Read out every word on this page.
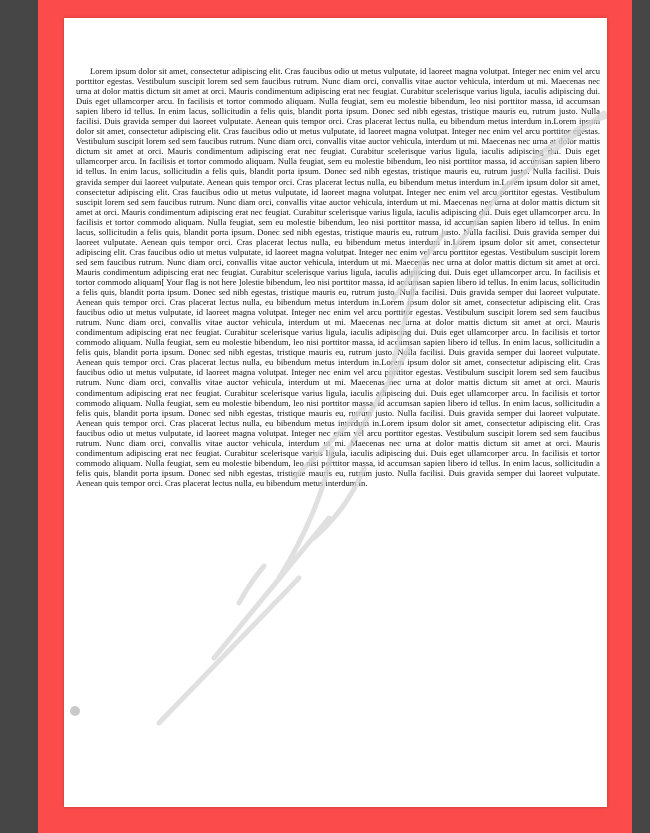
Lorem ipsum dolor sit amet, consectetur adipiscing elit. Cras faucibus odio ut metus vulputate, id laoreet magna volutpat. Integer nec enim vel arcu porttitor egestas. Vestibulum suscipit lorem sed sem faucibus rutrum. Nunc diam orci, convallis vitae auctor vehicula, interdum ut mi. Maecenas nec urna at dolor mattis dictum sit amet at orci. Mauris condimentum adipiscing erat nec feugiat. Curabitur scelerisque varius ligula, iaculis adipiscing dui. Duis eget ullamcorper arcu. In facilisis et tortor commodo aliquam. Nulla feugiat, sem eu molestie bibendum, leo nisi porttitor massa, id accumsan sapien libero id tellus. In enim lacus, sollicitudin a felis quis, blandit porta ipsum. Donec sed nibh egestas, tristique mauris eu, rutrum justo. Nulla facilisi. Duis gravida semper dui laoreet vulputate. Aenean quis tempor orci. Cras placerat lectus nulla, eu bibendum metus interdum in.Lorem ipsum dolor sit amet, consectetur adipiscing elit. Cras faucibus odio ut metus vulputate, id laoreet magna volutpat. Integer nec enim vel arcu porttitor egestas. Vestibulum suscipit lorem sed sem faucibus rutrum. Nunc diam orci, convallis vitae auctor vehicula, interdum ut mi. Maecenas nec urna at dolor mattis dictum sit amet at orci. Mauris condimentum adipiscing erat nec feugiat. Curabitur scelerisque varius ligula, iaculis adipiscing dui. Duis eget ullamcorper arcu. In facilisis et tortor commodo aliquam. Nulla feugiat, sem eu molestie bibendum, leo nisi porttitor massa, id accumsan sapien libero id tellus. In enim lacus, sollicitudin a felis quis, blandit porta ipsum. Donec sed nibh egestas, tristique mauris eu, rutrum justo. Nulla facilisi. Duis gravida semper dui laoreet vulputate. Aenean quis tempor orci. Cras placerat lectus nulla, eu bibendum metus interdum in.Lorem ipsum dolor sit amet, consectetur adipiscing elit. Cras faucibus odio ut metus vulputate, id laoreet magna volutpat. Integer nec enim vel arcu porttitor egestas. Vestibulum suscipit lorem sed sem faucibus rutrum. Nunc diam orci, convallis vitae auctor vehicula, interdum ut mi. Maecenas nec urna at dolor mattis dictum sit amet at orci. Mauris condimentum adipiscing erat nec feugiat. Curabitur scelerisque varius ligula, iaculis adipiscing dui. Duis eget ullamcorper arcu. In facilisis et tortor commodo aliquam. Nulla feugiat, sem eu molestie bibendum, leo nisi porttitor massa, id accumsan sapien libero id tellus. In enim lacus, sollicitudin a felis quis, blandit porta ipsum. Donec sed nibh egestas, tristique mauris eu, rutrum justo. Nulla facilisi. Duis gravida semper dui laoreet vulputate. Aenean quis tempor orci. Cras placerat lectus nulla, eu bibendum metus interdum in.Lorem ipsum dolor sit amet, consectetur adipiscing elit. Cras faucibus odio ut metus vulputate, id laoreet magna volutpat. Integer nec enim vel arcu porttitor egestas. Vestibulum suscipit lorem sed sem faucibus rutrum. Nunc diam orci, convallis vitae auctor vehicula, interdum ut mi. Maecenas nec urna at dolor mattis dictum sit amet at orci. Mauris condimentum adipiscing erat nec feugiat. Curabitur scelerisque varius ligula, iaculis adipiscing dui. Duis eget ullamcorper arcu. In facilisis et tortor commodo aliquam[ Your flag is not here ]olestie bibendum, leo nisi porttitor massa, id accumsan sapien libero id tellus. In enim lacus, sollicitudin a felis quis, blandit porta ipsum. Donec sed nibh egestas, tristique mauris eu, rutrum justo. Nulla facilisi. Duis gravida semper dui laoreet vulputate. Aenean quis tempor orci. Cras placerat lectus nulla, eu bibendum metus interdum in.Lorem ipsum dolor sit amet, consectetur adipiscing elit. Cras faucibus odio ut metus vulputate, id laoreet magna volutpat. Integer nec enim vel arcu porttitor egestas. Vestibulum suscipit lorem sed sem faucibus rutrum. Nunc diam orci, convallis vitae auctor vehicula, interdum ut mi. Maecenas nec urna at dolor mattis dictum sit amet at orci. Mauris condimentum adipiscing erat nec feugiat. Curabitur scelerisque varius ligula, iaculis adipiscing dui. Duis eget ullamcorper arcu. In facilisis et tortor commodo aliquam. Nulla feugiat, sem eu molestie bibendum, leo nisi porttitor massa, id accumsan sapien libero id tellus. In enim lacus, sollicitudin a felis quis, blandit porta ipsum. Donec sed nibh egestas, tristique mauris eu, rutrum justo. Nulla facilisi. Duis gravida semper dui laoreet vulputate. Aenean quis tempor orci. Cras placerat lectus nulla, eu bibendum metus interdum in.Lorem ipsum dolor sit amet, consectetur adipiscing elit. Cras faucibus odio ut metus vulputate, id laoreet magna volutpat. Integer nec enim vel arcu porttitor egestas. Vestibulum suscipit lorem sed sem faucibus rutrum. Nunc diam orci, convallis vitae auctor vehicula, interdum ut mi. Maecenas nec urna at dolor mattis dictum sit amet at orci. Mauris condimentum adipiscing erat nec feugiat. Curabitur scelerisque varius ligula, iaculis adipiscing dui. Duis eget ullamcorper arcu. In facilisis et tortor commodo aliquam. Nulla feugiat, sem eu molestie bibendum, leo nisi porttitor massa, id accumsan sapien libero id tellus. In enim lacus, sollicitudin a felis quis, blandit porta ipsum. Donec sed nibh egestas, tristique mauris eu, rutrum justo. Nulla facilisi. Duis gravida semper dui laoreet vulputate. Aenean quis tempor orci. Cras placerat lectus nulla, eu bibendum metus interdum in.Lorem ipsum dolor sit amet, consectetur adipiscing elit. Cras faucibus odio ut metus vulputate, id laoreet magna volutpat. Integer nec enim vel arcu porttitor egestas. Vestibulum suscipit lorem sed sem faucibus rutrum. Nunc diam orci, convallis vitae auctor vehicula, interdum ut mi. Maecenas nec urna at dolor mattis dictum sit amet at orci. Mauris condimentum adipiscing erat nec feugiat. Curabitur scelerisque varius ligula, iaculis adipiscing dui. Duis eget ullamcorper arcu. In facilisis et tortor commodo aliquam. Nulla feugiat, sem eu molestie bibendum, leo nisi porttitor massa, id accumsan sapien libero id tellus. In enim lacus, sollicitudin a felis quis, blandit porta ipsum. Donec sed nibh egestas, tristique mauris eu, rutrum justo. Nulla facilisi. Duis gravida semper dui laoreet vulputate. Aenean quis tempor orci. Cras placerat lectus nulla, eu bibendum metus interdum in.
